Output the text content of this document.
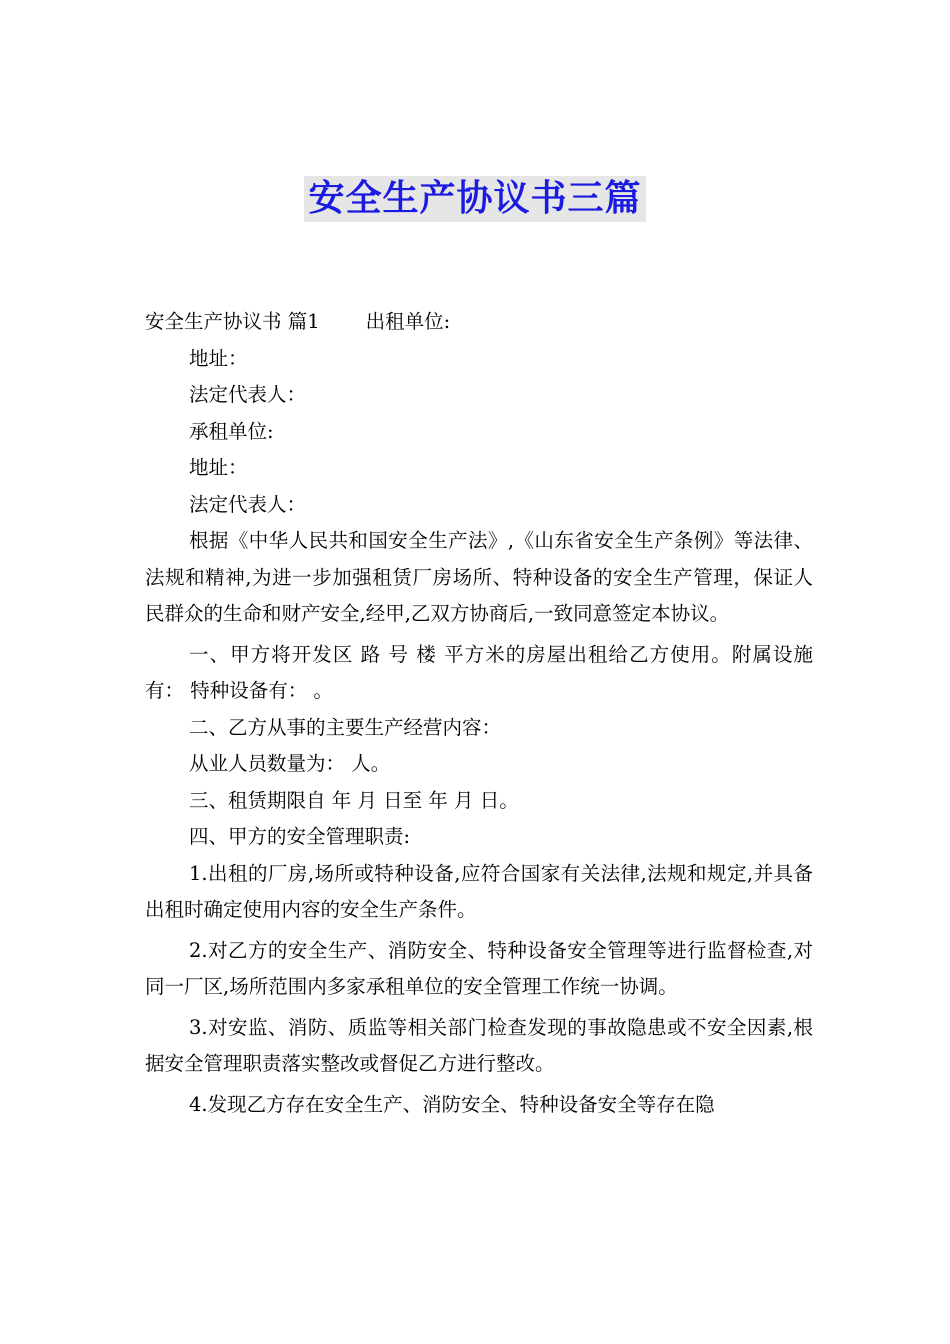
安全生产协议书三篇

安全生产协议书 篇1 出租单位:

地址：

法定代表人：

承租单位:

地址：

法定代表人：

根据《中华人民共和国安全生产法》,《山东省安全生产条例》等法律、法规和精神,为进一步加强租赁厂房场所、特种设备的安全生产管理，保证人民群众的生命和财产安全,经甲,乙双方协商后,一致同意签定本协议。

一、甲方将开发区 路 号 楼 平方米的房屋出租给乙方使用。附属设施有： 特种设备有： 。

二、乙方从事的主要生产经营内容：

从业人员数量为： 人。

三、租赁期限自 年 月 日至 年 月 日。

四、甲方的安全管理职责:

1.出租的厂房,场所或特种设备,应符合国家有关法律,法规和规定,并具备出租时确定使用内容的安全生产条件。

2.对乙方的安全生产、消防安全、特种设备安全管理等进行监督检查,对同一厂区,场所范围内多家承租单位的安全管理工作统一协调。

3.对安监、消防、质监等相关部门检查发现的事故隐患或不安全因素,根据安全管理职责落实整改或督促乙方进行整改。

4.发现乙方存在安全生产、消防安全、特种设备安全等存在隐
